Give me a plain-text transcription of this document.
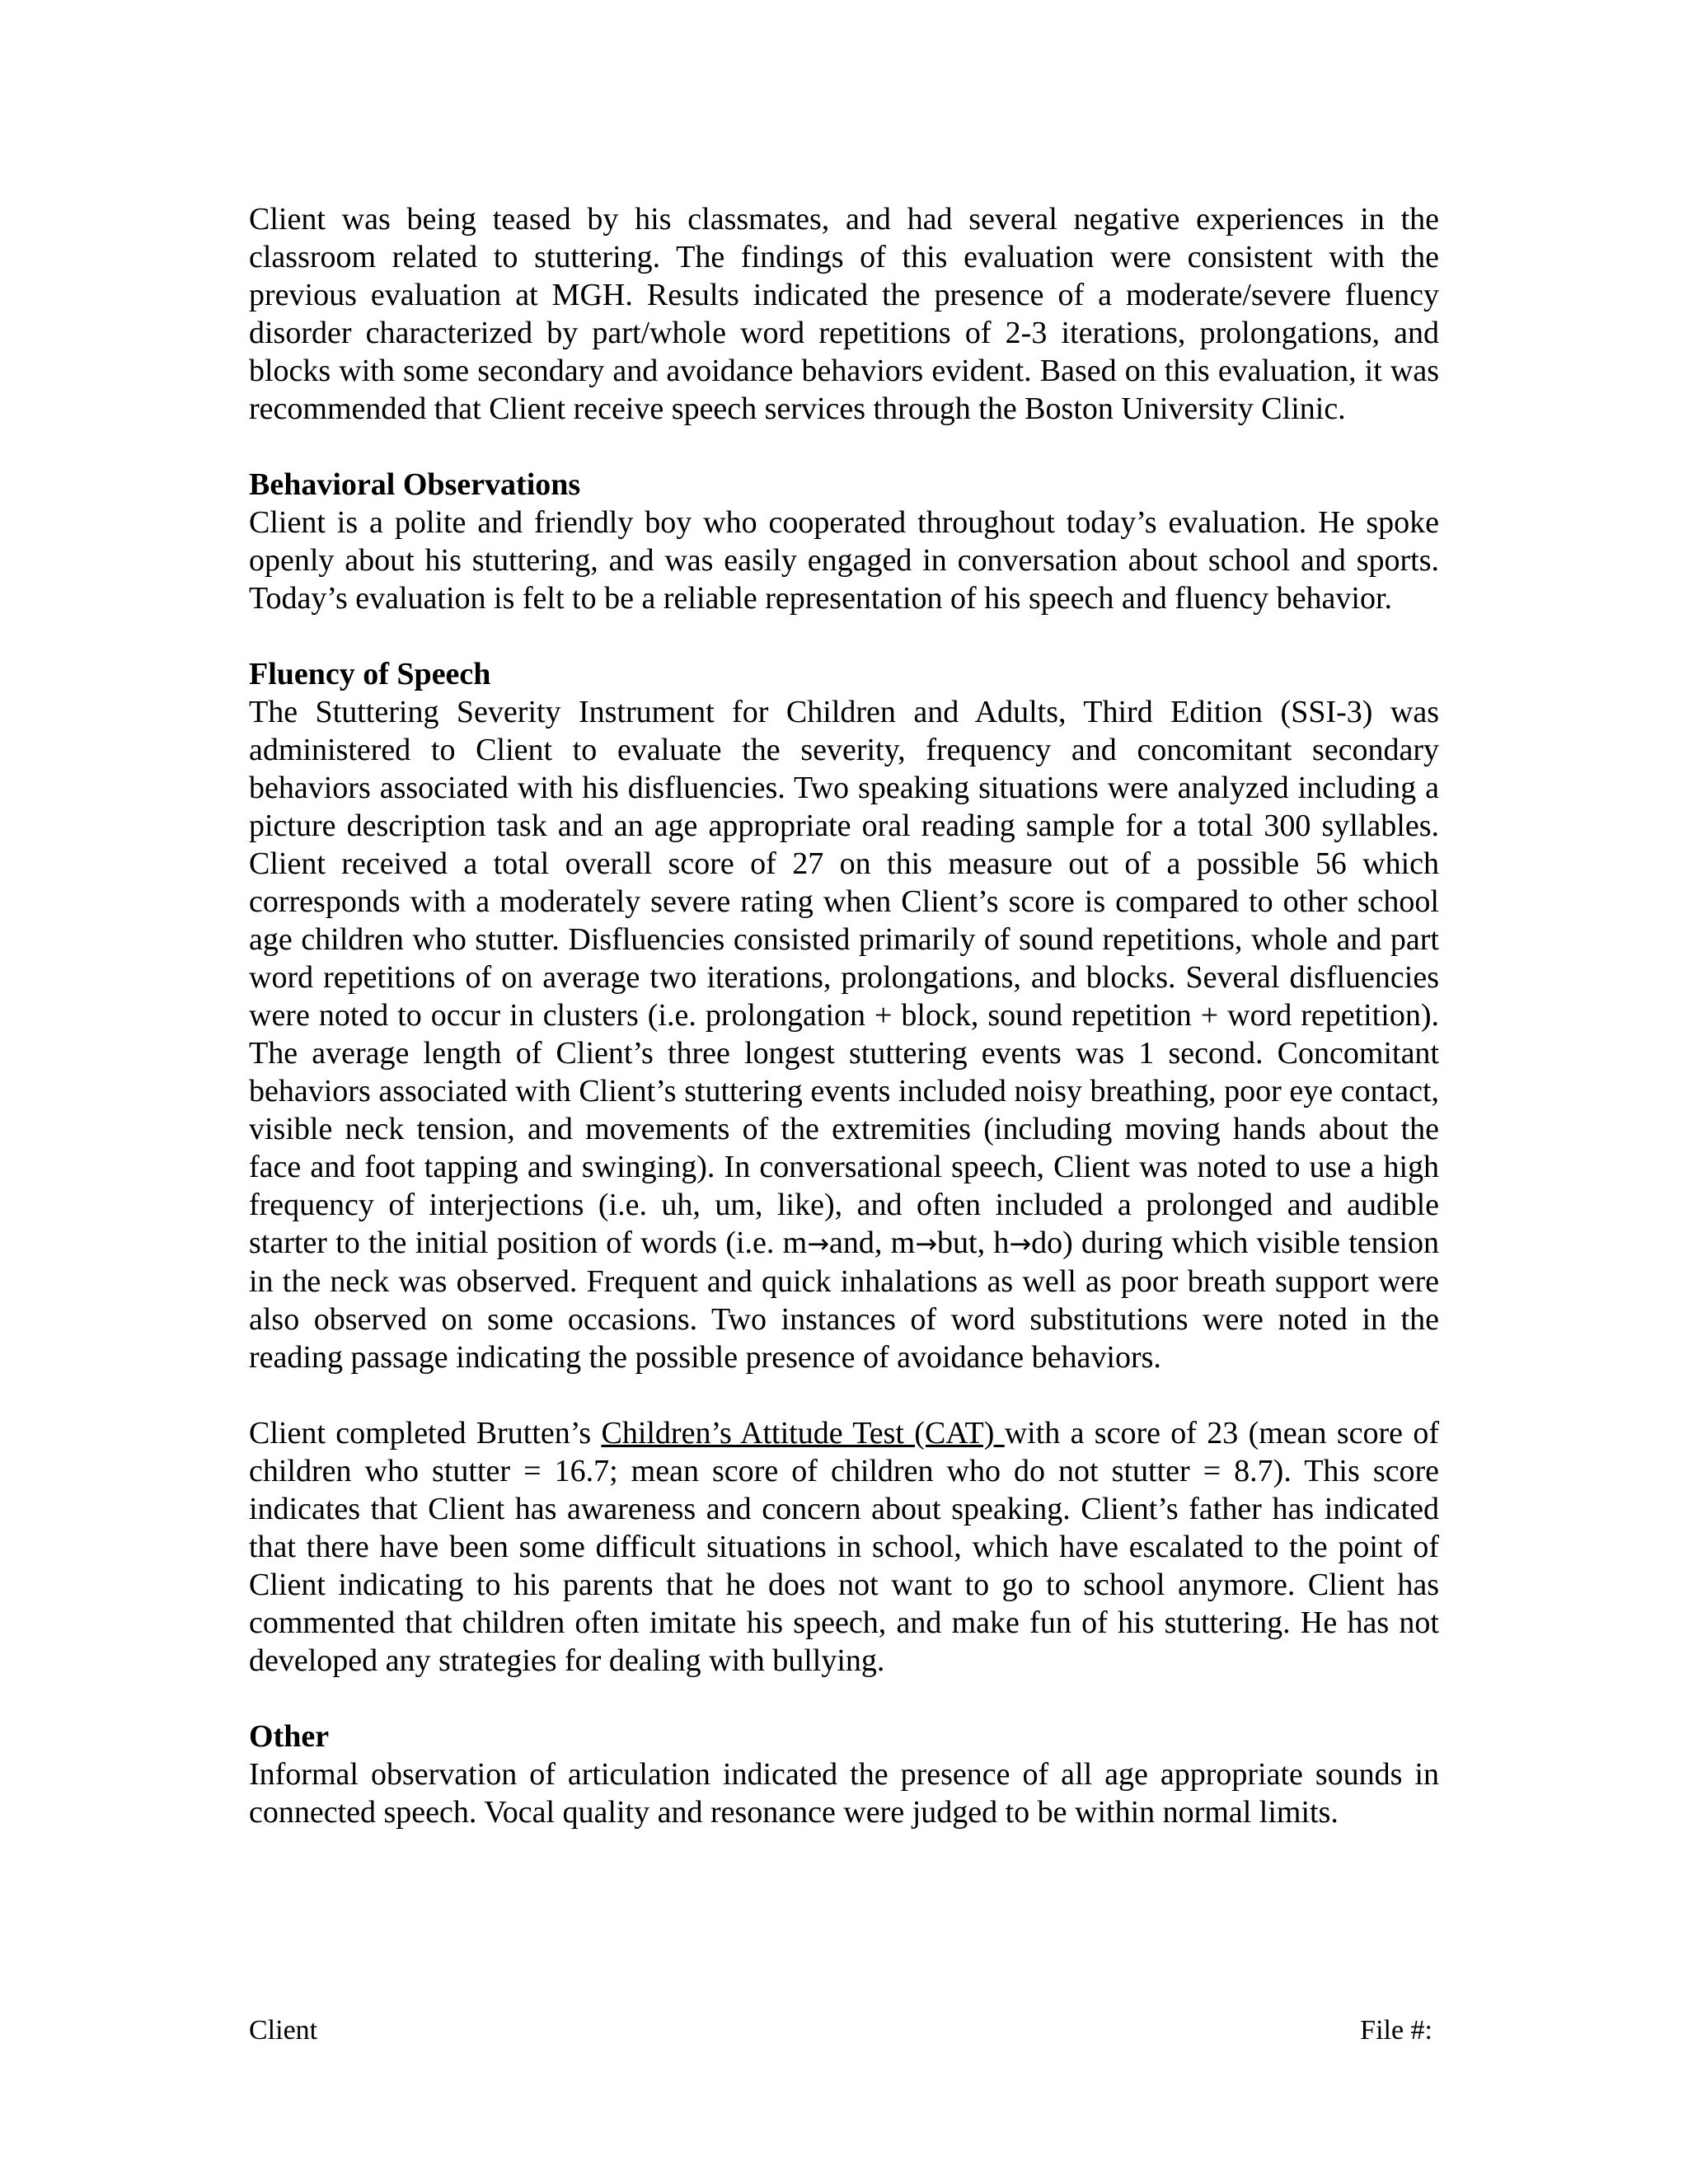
Client was being teased by his classmates, and had several negative experiences in the classroom related to stuttering. The findings of this evaluation were consistent with the previous evaluation at MGH. Results indicated the presence of a moderate/severe fluency disorder characterized by part/whole word repetitions of 2-3 iterations, prolongations, and blocks with some secondary and avoidance behaviors evident. Based on this evaluation, it was recommended that Client receive speech services through the Boston University Clinic.

Behavioral Observations

Client is a polite and friendly boy who cooperated throughout today’s evaluation. He spoke openly about his stuttering, and was easily engaged in conversation about school and sports. Today’s evaluation is felt to be a reliable representation of his speech and fluency behavior.

Fluency of Speech

The Stuttering Severity Instrument for Children and Adults, Third Edition (SSI-3) was administered to Client to evaluate the severity, frequency and concomitant secondary behaviors associated with his disfluencies. Two speaking situations were analyzed including a picture description task and an age appropriate oral reading sample for a total 300 syllables. Client received a total overall score of 27 on this measure out of a possible 56 which corresponds with a moderately severe rating when Client’s score is compared to other school age children who stutter. Disfluencies consisted primarily of sound repetitions, whole and part word repetitions of on average two iterations, prolongations, and blocks. Several disfluencies were noted to occur in clusters (i.e. prolongation + block, sound repetition + word repetition). The average length of Client’s three longest stuttering events was 1 second. Concomitant behaviors associated with Client’s stuttering events included noisy breathing, poor eye contact, visible neck tension, and movements of the extremities (including moving hands about the face and foot tapping and swinging). In conversational speech, Client was noted to use a high frequency of interjections (i.e. uh, um, like), and often included a prolonged and audible starter to the initial position of words (i.e. m→and, m→but, h→do) during which visible tension in the neck was observed. Frequent and quick inhalations as well as poor breath support were also observed on some occasions. Two instances of word substitutions were noted in the reading passage indicating the possible presence of avoidance behaviors.

Client completed Brutten’s Children’s Attitude Test (CAT) with a score of 23 (mean score of children who stutter = 16.7; mean score of children who do not stutter = 8.7). This score indicates that Client has awareness and concern about speaking. Client’s father has indicated that there have been some difficult situations in school, which have escalated to the point of Client indicating to his parents that he does not want to go to school anymore. Client has commented that children often imitate his speech, and make fun of his stuttering. He has not developed any strategies for dealing with bullying.

Other

Informal observation of articulation indicated the presence of all age appropriate sounds in connected speech. Vocal quality and resonance were judged to be within normal limits.

Client	File #:
